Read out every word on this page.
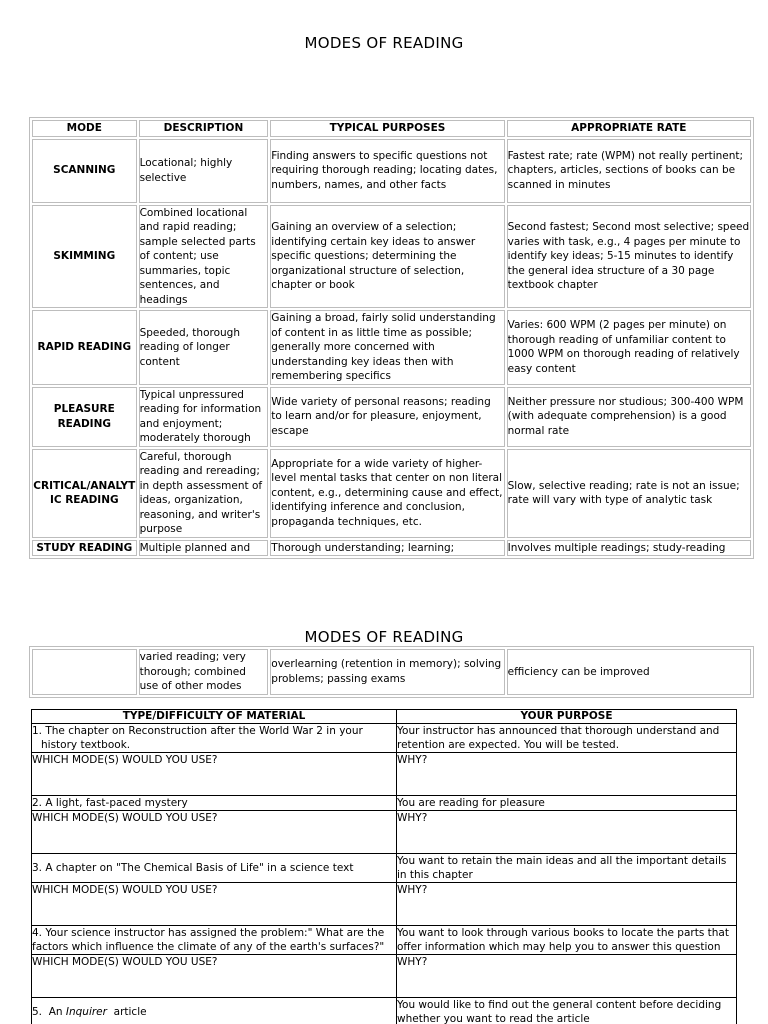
MODES OF READING
MODE	DESCRIPTION	TYPICAL PURPOSES	APPROPRIATE RATE
SCANNING	Locational; highly selective	Finding answers to specific questions not requiring thorough reading; locating dates, numbers, names, and other facts	Fastest rate; rate (WPM) not really pertinent; chapters, articles, sections of books can be scanned in minutes
SKIMMING	Combined locational and rapid reading; sample selected parts of content; use summaries, topic sentences, and headings	Gaining an overview of a selection; identifying certain key ideas to answer specific questions; determining the organizational structure of selection, chapter or book	Second fastest; Second most selective; speed varies with task, e.g., 4 pages per minute to identify key ideas; 5-15 minutes to identify the general idea structure of a 30 page textbook chapter
RAPID READING	Speeded, thorough reading of longer content	Gaining a broad, fairly solid understanding of content in as little time as possible; generally more concerned with understanding key ideas then with remembering specifics	Varies: 600 WPM (2 pages per minute) on thorough reading of unfamiliar content to 1000 WPM on thorough reading of relatively easy content
PLEASURE READING	Typical unpressured reading for information and enjoyment; moderately thorough	Wide variety of personal reasons; reading to learn and/or for pleasure, enjoyment, escape	Neither pressure nor studious; 300-400 WPM (with adequate comprehension) is a good normal rate
CRITICAL/ANALYTIC READING	Careful, thorough reading and rereading; in depth assessment of ideas, organization, reasoning, and writer's purpose	Appropriate for a wide variety of higher-level mental tasks that center on non literal content, e.g., determining cause and effect, identifying inference and conclusion, propaganda techniques, etc.	Slow, selective reading; rate is not an issue; rate will vary with type of analytic task
STUDY READING	Multiple planned and	Thorough understanding; learning;	Involves multiple readings; study-reading
MODES OF READING
	varied reading; very thorough; combined use of other modes	overlearning (retention in memory); solving problems; passing exams	efficiency can be improved
TYPE/DIFFICULTY OF MATERIAL	YOUR PURPOSE
1. The chapter on Reconstruction after the World War 2 in your
history textbook.	Your instructor has announced that thorough understand and retention are expected. You will be tested.

WHICH MODE(S) WOULD YOU USE?	WHY?

2. A light, fast-paced mystery	You are reading for pleasure

WHICH MODE(S) WOULD YOU USE?	WHY?

3. A chapter on "The Chemical Basis of Life" in a science text	You want to retain the main ideas and all the important details in this chapter

WHICH MODE(S) WOULD YOU USE?	WHY?

4. Your science instructor has assigned the problem:" What are the factors which influence the climate of any of the earth's surfaces?"	You want to look through various books to locate the parts that offer information which may help you to answer this question

WHICH MODE(S) WOULD YOU USE?	WHY?

5.  An Inquirer  article	You would like to find out the general content before deciding whether you want to read the article
